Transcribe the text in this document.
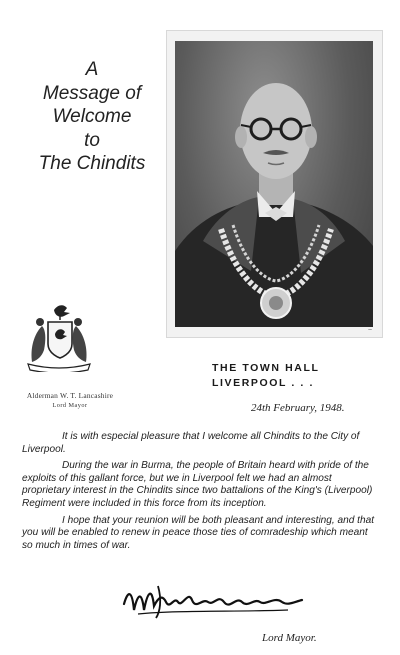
A
Message of
Welcome
to
The Chindits
~
Alderman W. T. Lancashire
Lord Mayor
THE TOWN HALL
LIVERPOOL . . .
24th February, 1948.

It is with especial pleasure that I welcome all Chindits to the City of Liverpool.

During the war in Burma, the people of Britain heard with pride of the exploits of this gallant force, but we in Liverpool felt we had an almost proprietary interest in the Chindits since two battalions of the King's (Liverpool) Regiment were included in this force from its inception.

I hope that your reunion will be both pleasant and interesting, and that you will be enabled to renew in peace those ties of comradeship which meant so much in times of war.

Lord Mayor.
